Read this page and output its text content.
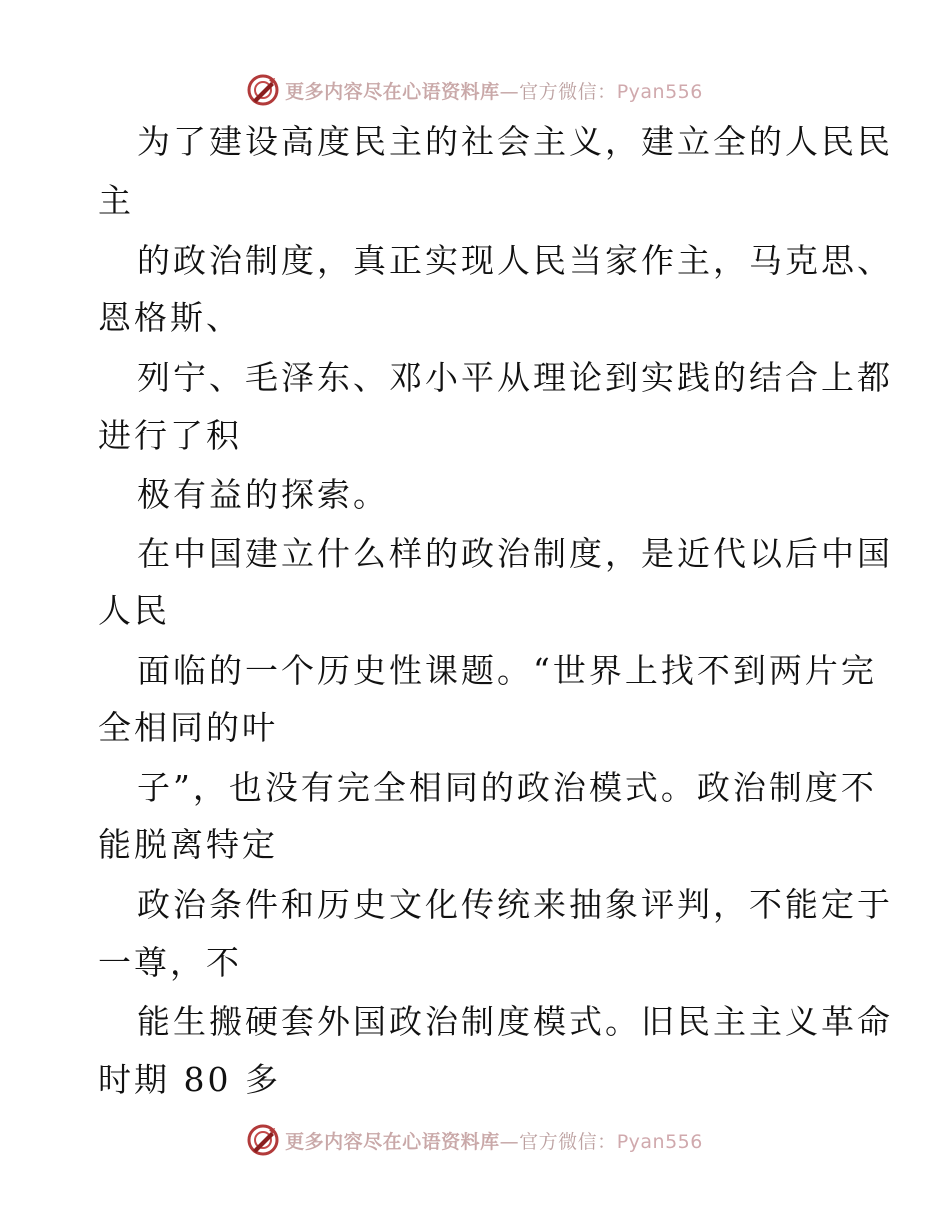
更多内容尽在心语资料库—官方微信：Pyan556
为了建设高度民主的社会主义，建立全的人民民
主
的政治制度，真正实现人民当家作主，马克思、
恩格斯、
列宁、毛泽东、邓小平从理论到实践的结合上都
进行了积
极有益的探索。
在中国建立什么样的政治制度，是近代以后中国
人民
面临的一个历史性课题。“世界上找不到两片完
全相同的叶
子”，也没有完全相同的政治模式。政治制度不
能脱离特定
政治条件和历史文化传统来抽象评判，不能定于
一尊，不
能生搬硬套外国政治制度模式。旧民主主义革命
时期 80 多
更多内容尽在心语资料库—官方微信：Pyan556
